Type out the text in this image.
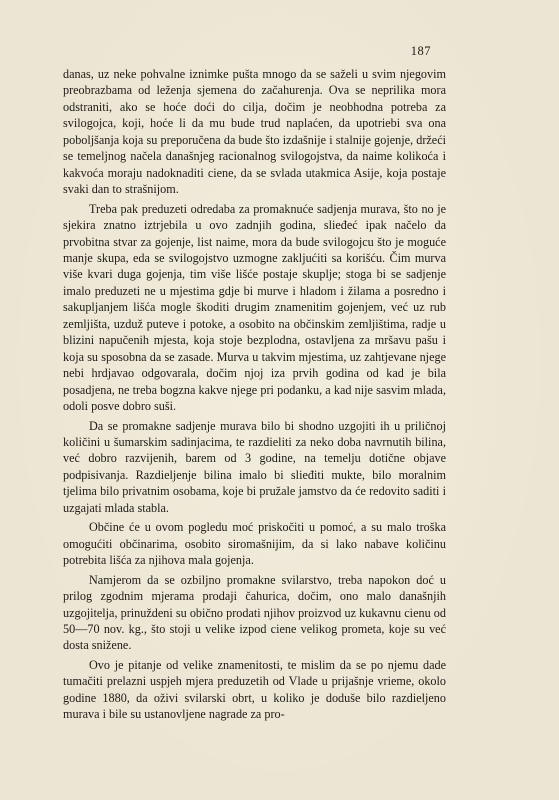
187

danas, uz neke pohvalne iznimke pušta mnogo da se saželi u svim njegovim preobrazbama od leženja sjemena do začahurenja. Ova se neprilika mora odstraniti, ako se hoće doći do cilja, dočim je neobhodna potreba za svilogojca, koji, hoće li da mu bude trud naplaćen, da upotriebi sva ona poboljšanja koja su preporučena da bude što izdašnije i stalnije gojenje, držeći se temeljnog načela današnjeg racionalnog svilogojstva, da naime kolikoća i kakvoća moraju nadoknaditi ciene, da se svlada utakmica Asije, koja postaje svaki dan to strašnijom.

Treba pak preduzeti odredaba za promaknuće sadjenja murava, što no je sjekira znatno iztrjebila u ovo zadnjih godina, slieđeć ipak načelo da prvobitna stvar za gojenje, list naime, mora da bude svilogojcu što je moguće manje skupa, eda se svilogojstvo uzmogne zakljućiti sa korišću. Čim murva više kvari duga gojenja, tim više lišće postaje skuplje; stoga bi se sadjenje imalo preduzeti ne u mjestima gdje bi murve i hladom i žilama a posredno i sakupljanjem lišća mogle škoditi drugim znamenitim gojenjem, već uz rub zemljišta, uzduž puteve i potoke, a osobito na občinskim zemljištima, radje u blizini napučenih mjesta, koja stoje bezplodna, ostavljena za mršavu pašu i koja su sposobna da se zasade. Murva u takvim mjestima, uz zahtjevane njege nebi hrdjavao odgovarala, dočim njoj iza prvih godina od kad je bila posadjena, ne treba bogzna kakve njege pri podanku, a kad nije sasvim mlada, odoli posve dobro suši.

Da se promakne sadjenje murava bilo bi shodno uzgojiti ih u priličnoj količini u šumarskim sadinjacima, te razdieliti za neko doba navrnutih bilina, već dobro razvijenih, barem od 3 godine, na temelju dotične objave podpisivanja. Razdieljenje bilina imalo bi slieđiti mukte, bilo moralnim tjelima bilo privatnim osobama, koje bi pružale jamstvo da će redovito saditi i uzgajati mlada stabla.

Občine će u ovom pogledu moć priskočiti u pomoć, a su malo troška omogućiti občinarima, osobito siromašnijim, da si lako nabave količinu potrebita lišća za njihova mala gojenja.

Namjerom da se ozbiljno promakne svilarstvo, treba napokon doć u prilog zgodnim mjerama prodaji čahurica, dočim, ono malo današnjih uzgojitelja, prinuždeni su običnо prodati njihov proizvod uz kukavnu cienu od 50—70 nov. kg., što stoji u velike izpod ciene velikog prometa, koje su već dosta snižene.

Ovo je pitanje od velike znamenitosti, te mislim da se po njemu dade tumačiti prelazni uspjeh mjera preduzetih od Vlade u prijašnje vrieme, okolo godine 1880, da oživi svilarski obrt, u koliko je doduše bilo razdieljeno murava i bile su ustanovljene nagrade za pro-
